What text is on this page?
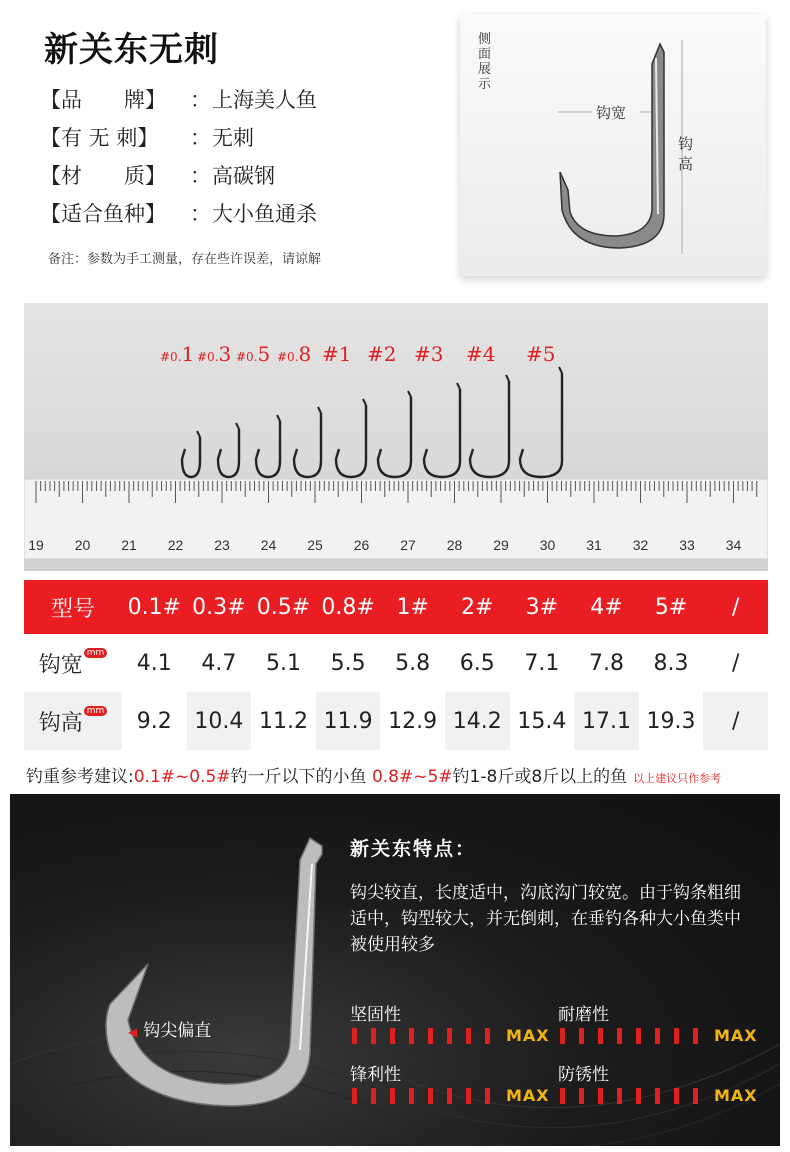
新关东无刺
【品　　牌】 ：上海美人鱼
【有 无 刺】 ：无刺
【材　　质】 ：高碳钢
【适合鱼种】 ：大小鱼通杀
备注：参数为手工测量，存在些许误差，请谅解
侧面展示
钩宽
钩高
19 20 21 22 23 24 25 26 27 28 29 30 31 32 33 34
#0.1 #0.3 #0.5 #0.8 #1 #2 #3 #4 #5
型号	0.1#	0.3#	0.5#	0.8#	1#	2#	3#	4#	5#	/
钩宽 mm	4.1	4.7	5.1	5.5	5.8	6.5	7.1	7.8	8.3	/
钩高 mm	9.2	10.4	11.2	11.9	12.9	14.2	15.4	17.1	19.3	/
钓重参考建议:0.1#~0.5#钓一斤以下的小鱼 0.8#~5#钓1-8斤或8斤以上的鱼 以上建议只作参考
◀ 钩尖偏直
新关东特点：
钩尖较直，长度适中，沟底沟门较宽。由于钩条粗细适中，钩型较大，并无倒刺，在垂钓各种大小鱼类中被使用较多
坚固性
MAX
耐磨性
MAX
锋利性
MAX
防锈性
MAX
